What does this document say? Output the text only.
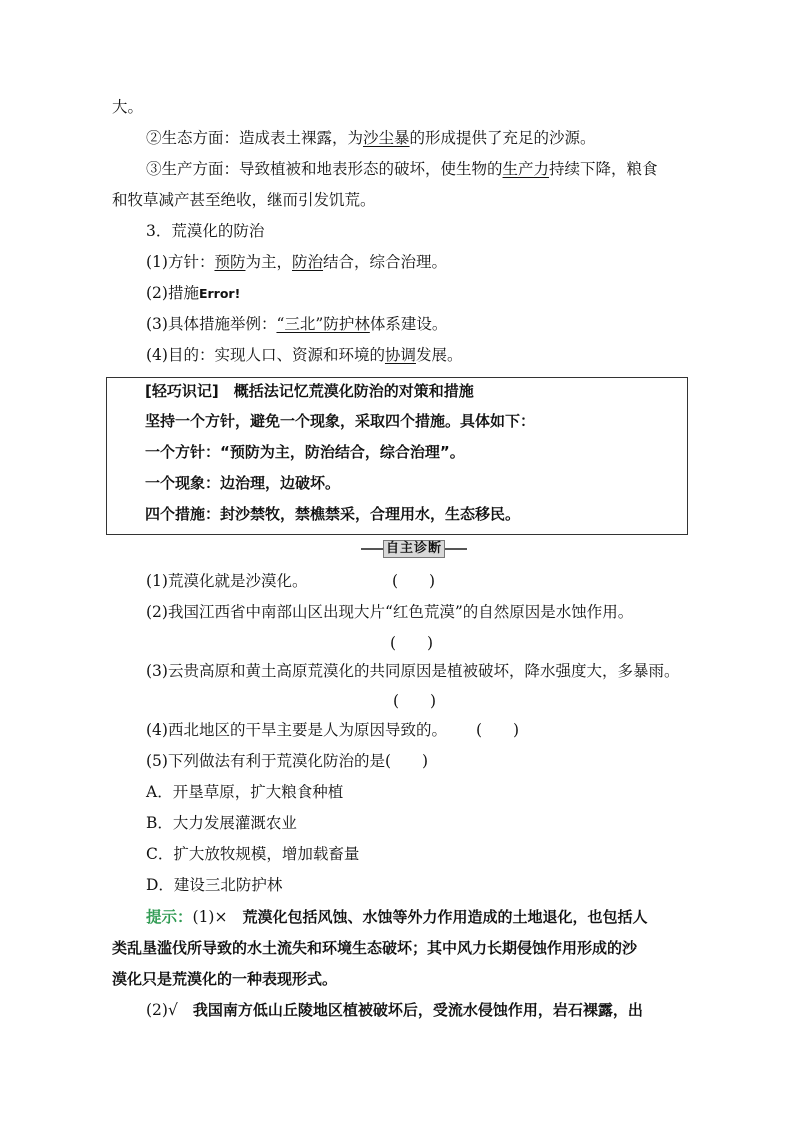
大。
②生态方面：造成表土裸露，为沙尘暴的形成提供了充足的沙源。
③生产方面：导致植被和地表形态的破坏，使生物的生产力持续下降，粮食
和牧草减产甚至绝收，继而引发饥荒。
3．荒漠化的防治
(1)方针：预防为主，防治结合，综合治理。
(2)措施Error!
(3)具体措施举例：“三北”防护林体系建设。
(4)目的：实现人口、资源和环境的协调发展。
[轻巧识记]　概括法记忆荒漠化防治的对策和措施
坚持一个方针，避免一个现象，采取四个措施。具体如下：
一个方针：“预防为主，防治结合，综合治理”。
一个现象：边治理，边破坏。
四个措施：封沙禁牧，禁樵禁采，合理用水，生态移民。
自主诊断
(1)荒漠化就是沙漠化。	(　　)
(2)我国江西省中南部山区出现大片“红色荒漠”的自然原因是水蚀作用。
(　　)
(3)云贵高原和黄土高原荒漠化的共同原因是植被破坏，降水强度大，多暴雨。
(　　)
(4)西北地区的干旱主要是人为原因导致的。	(　　)
(5)下列做法有利于荒漠化防治的是(　　)
A．开垦草原，扩大粮食种植
B．大力发展灌溉农业
C．扩大放牧规模，增加载畜量
D．建设三北防护林
提示：(1)×　荒漠化包括风蚀、水蚀等外力作用造成的土地退化，也包括人
类乱垦滥伐所导致的水土流失和环境生态破坏；其中风力长期侵蚀作用形成的沙
漠化只是荒漠化的一种表现形式。
(2)√　我国南方低山丘陵地区植被破坏后，受流水侵蚀作用，岩石裸露，出
